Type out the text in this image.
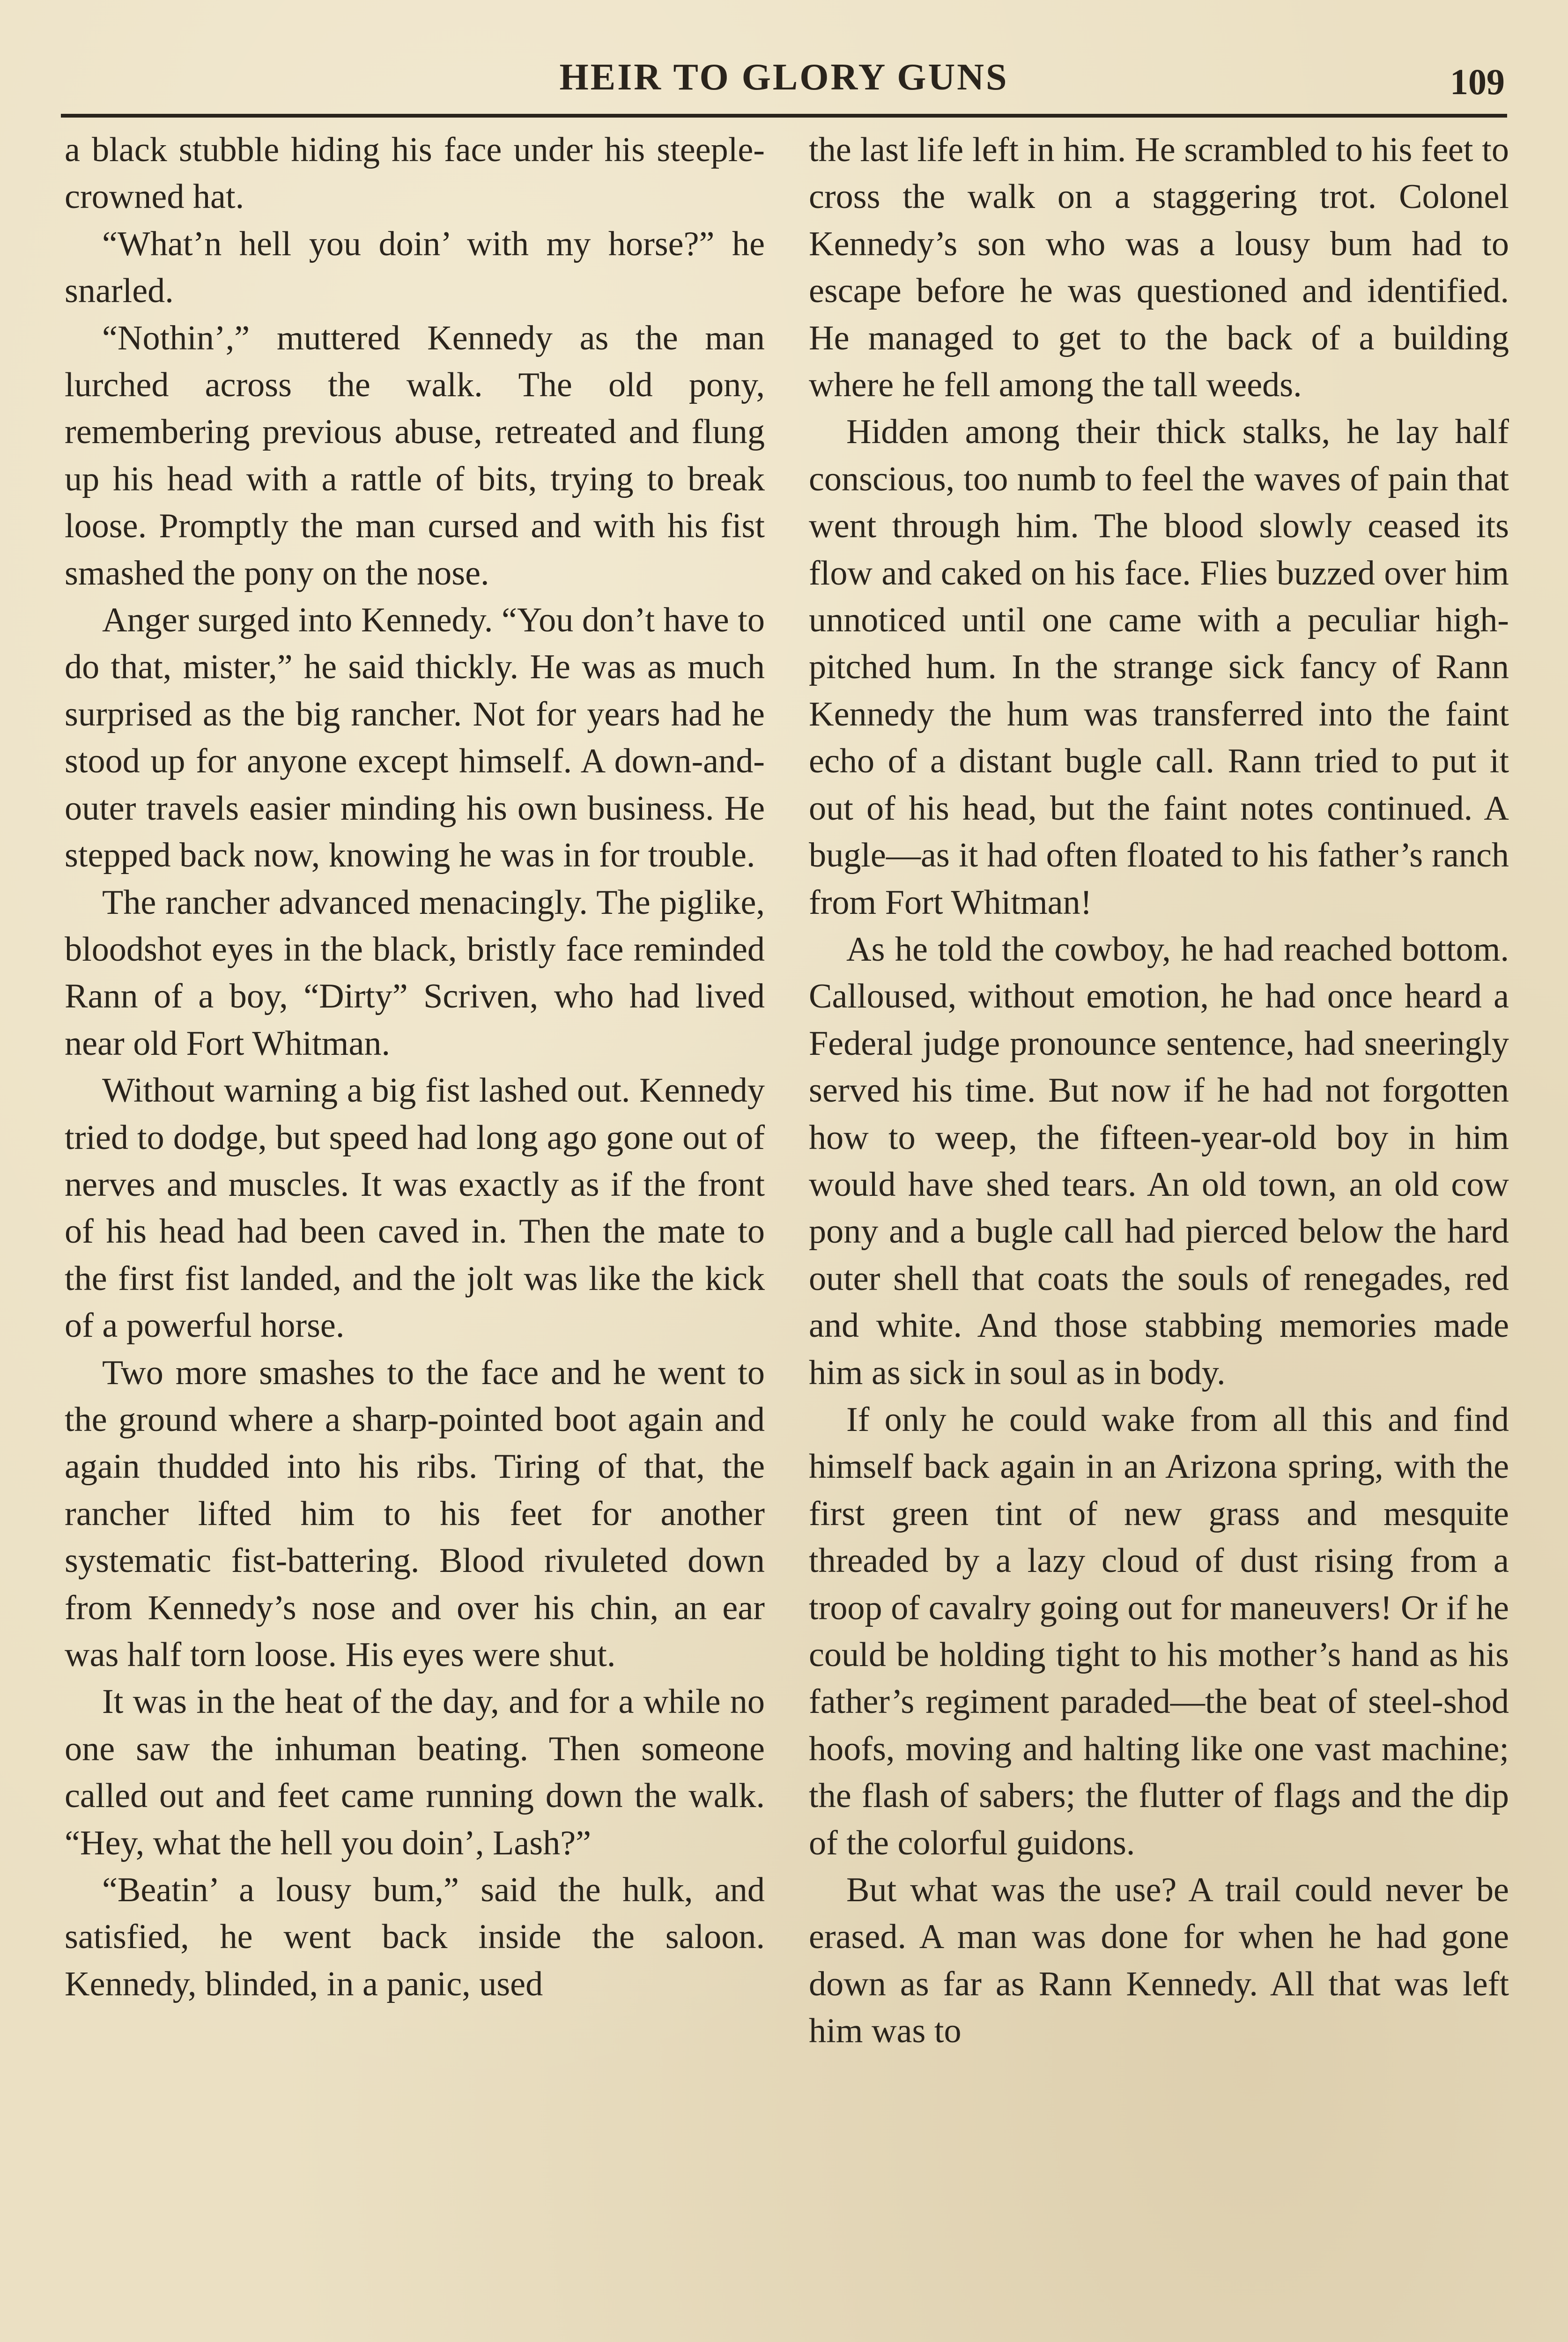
HEIR TO GLORY GUNS	109

a black stubble hiding his face under his steeple-crowned hat.

“What’n hell you doin’ with my horse?” he snarled.

“Nothin’,” muttered Kennedy as the man lurched across the walk. The old pony, remembering previous abuse, retreated and flung up his head with a rattle of bits, trying to break loose. Promptly the man cursed and with his fist smashed the pony on the nose.

Anger surged into Kennedy. “You don’t have to do that, mister,” he said thickly. He was as much surprised as the big rancher. Not for years had he stood up for anyone except himself. A down-and-outer travels easier minding his own business. He stepped back now, knowing he was in for trouble.

The rancher advanced menacingly. The piglike, bloodshot eyes in the black, bristly face reminded Rann of a boy, “Dirty” Scriven, who had lived near old Fort Whitman.

Without warning a big fist lashed out. Kennedy tried to dodge, but speed had long ago gone out of nerves and muscles. It was exactly as if the front of his head had been caved in. Then the mate to the first fist landed, and the jolt was like the kick of a powerful horse.

Two more smashes to the face and he went to the ground where a sharp-pointed boot again and again thudded into his ribs. Tiring of that, the rancher lifted him to his feet for another systematic fist-battering. Blood rivuleted down from Kennedy’s nose and over his chin, an ear was half torn loose. His eyes were shut.

It was in the heat of the day, and for a while no one saw the inhuman beating. Then someone called out and feet came running down the walk. “Hey, what the hell you doin’, Lash?”

“Beatin’ a lousy bum,” said the hulk, and satisfied, he went back inside the saloon. Kennedy, blinded, in a panic, used

the last life left in him. He scrambled to his feet to cross the walk on a staggering trot. Colonel Kennedy’s son who was a lousy bum had to escape before he was questioned and identified. He managed to get to the back of a building where he fell among the tall weeds.

Hidden among their thick stalks, he lay half conscious, too numb to feel the waves of pain that went through him. The blood slowly ceased its flow and caked on his face. Flies buzzed over him unnoticed until one came with a peculiar high-pitched hum. In the strange sick fancy of Rann Kennedy the hum was transferred into the faint echo of a distant bugle call. Rann tried to put it out of his head, but the faint notes continued. A bugle—as it had often floated to his father’s ranch from Fort Whitman!

As he told the cowboy, he had reached bottom. Calloused, without emotion, he had once heard a Federal judge pronounce sentence, had sneeringly served his time. But now if he had not forgotten how to weep, the fifteen-year-old boy in him would have shed tears. An old town, an old cow pony and a bugle call had pierced below the hard outer shell that coats the souls of renegades, red and white. And those stabbing memories made him as sick in soul as in body.

If only he could wake from all this and find himself back again in an Arizona spring, with the first green tint of new grass and mesquite threaded by a lazy cloud of dust rising from a troop of cavalry going out for maneuvers! Or if he could be holding tight to his mother’s hand as his father’s regiment paraded—the beat of steel-shod hoofs, moving and halting like one vast machine; the flash of sabers; the flutter of flags and the dip of the colorful guidons.

But what was the use? A trail could never be erased. A man was done for when he had gone down as far as Rann Kennedy. All that was left him was to
